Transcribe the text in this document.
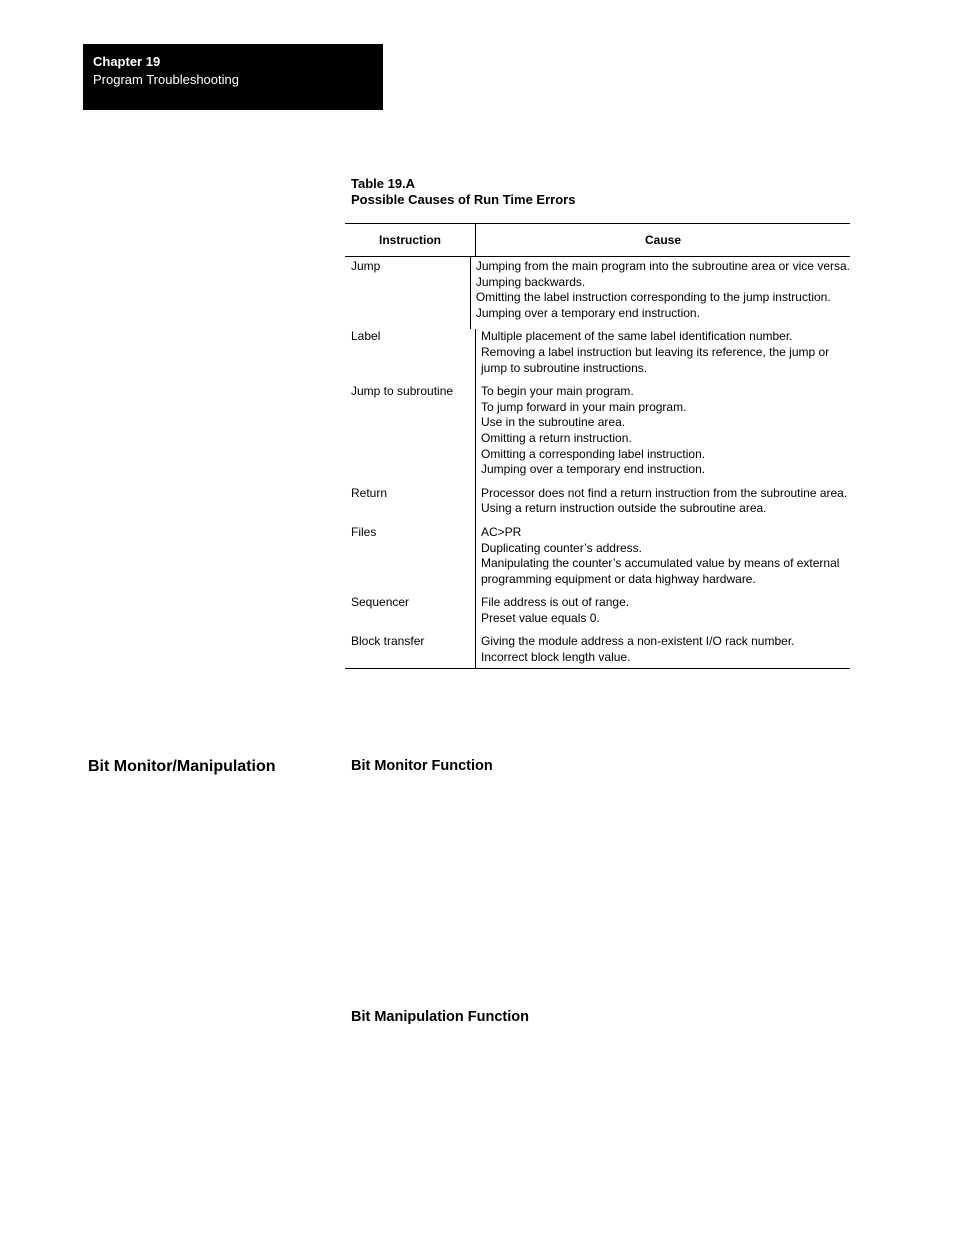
Chapter 19
Program Troubleshooting
Table 19.A
Possible Causes of Run Time Errors
Instruction	Cause
Jump	Jumping from the main program into the subroutine area or vice versa.
Jumping backwards.
Omitting the label instruction corresponding to the jump instruction.
Jumping over a temporary end instruction.
Label	Multiple placement of the same label identification number.
Removing a label instruction but leaving its reference, the jump or
jump to subroutine instructions.
Jump to subroutine	To begin your main program.
To jump forward in your main program.
Use in the subroutine area.
Omitting a return instruction.
Omitting a corresponding label instruction.
Jumping over a temporary end instruction.
Return	Processor does not find a return instruction from the subroutine area.
Using a return instruction outside the subroutine area.
Files	AC>PR
Duplicating counter’s address.
Manipulating the counter’s accumulated value by means of external
programming equipment or data highway hardware.
Sequencer	File address is out of range.
Preset value equals 0.
Block transfer	Giving the module address a non-existent I/O rack number.
Incorrect block length value.
Bit Monitor/Manipulation	Bit Monitor Function
Bit Manipulation Function
